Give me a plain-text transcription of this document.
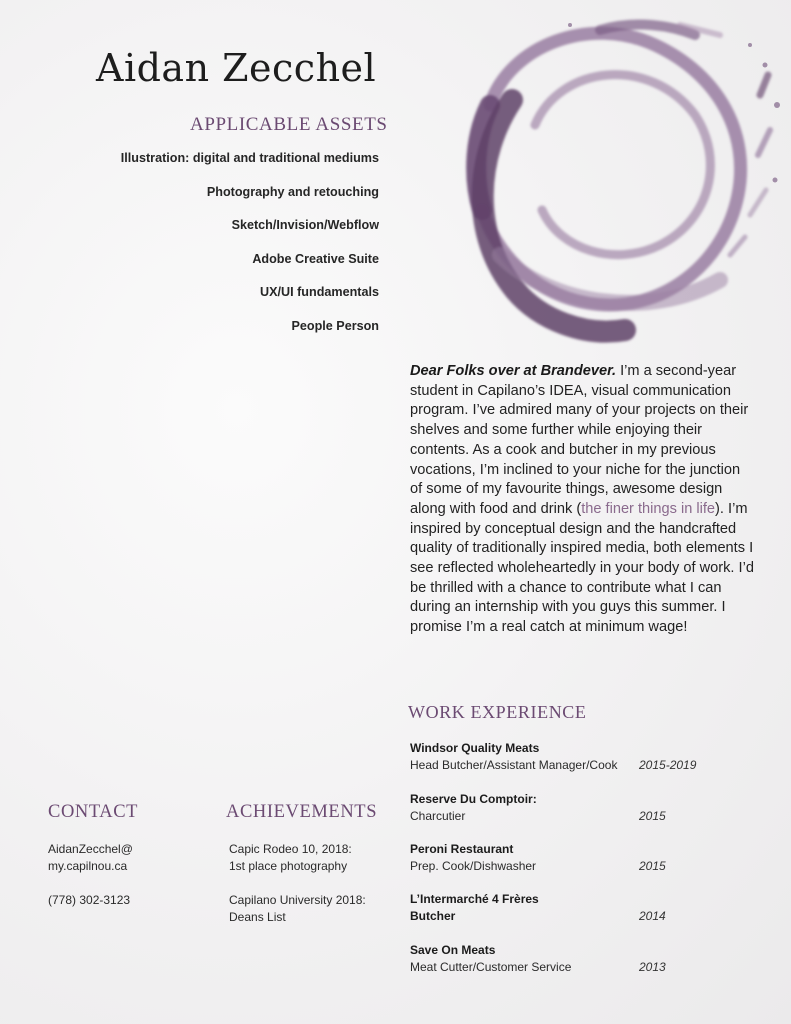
Aidan Zecchel
APPLICABLE ASSETS
Illustration: digital and traditional mediums
Photography and retouching
Sketch/Invision/Webflow
Adobe Creative Suite
UX/UI fundamentals
People Person

Dear Folks over at Brandever. I’m a second-year student in Capilano’s IDEA, visual communication program. I’ve admired many of your projects on their shelves and some further while enjoying their contents. As a cook and butcher in my previous vocations, I’m inclined to your niche for the junction of some of my favourite things, awesome design along with food and drink (the finer things in life). I’m inspired by conceptual design and the handcrafted quality of traditionally inspired media, both elements I see reflected wholeheartedly in your body of work. I’d be thrilled with a chance to contribute what I can during an internship with you guys this summer. I promise I’m a real catch at minimum wage!

WORK EXPERIENCE
Windsor Quality Meats
Head Butcher/Assistant Manager/Cook	2015-2019
Reserve Du Comptoir:
Charcutier	2015
Peroni Restaurant
Prep. Cook/Dishwasher	2015
L’Intermarché 4 Frères
Butcher	2014
Save On Meats
Meat Cutter/Customer Service	2013
CONTACT
AidanZecchel@
my.capilnou.ca
(778) 302-3123
ACHIEVEMENTS
Capic Rodeo 10, 2018:
1st place photography
Capilano University 2018:
Deans List
